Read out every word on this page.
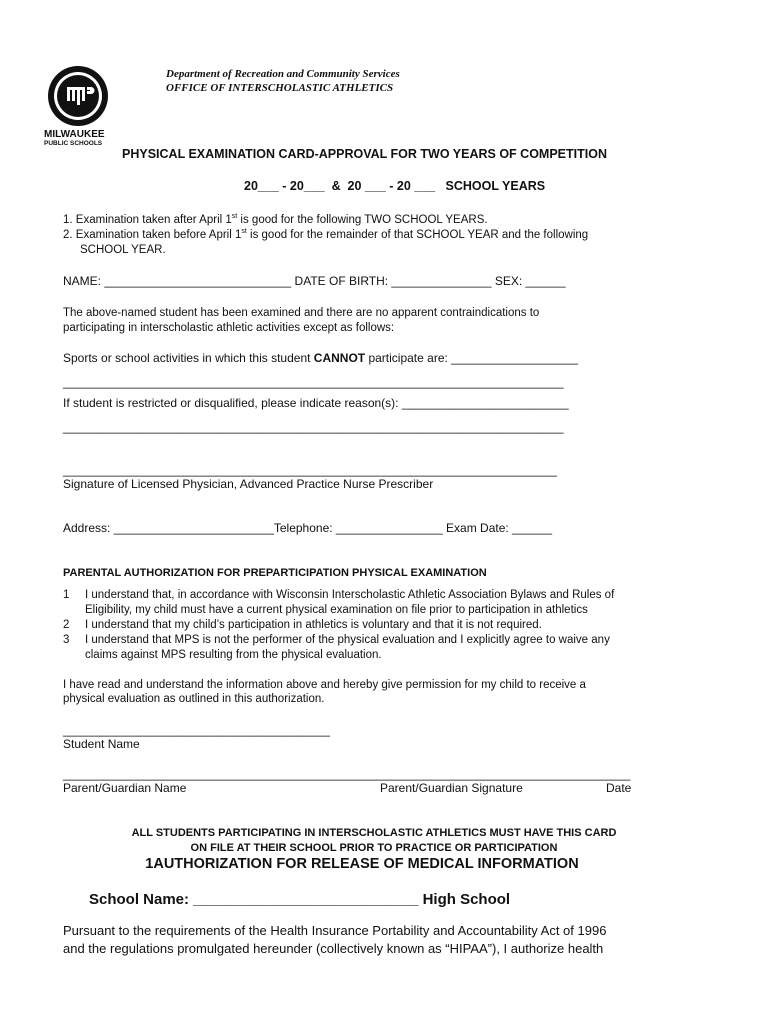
MILWAUKEE
PUBLIC SCHOOLS
Department of Recreation and Community Services
OFFICE OF INTERSCHOLASTIC ATHLETICS
PHYSICAL EXAMINATION CARD-APPROVAL FOR TWO YEARS OF COMPETITION
20___ - 20___  &  20 ___ - 20 ___   SCHOOL YEARS
1. Examination taken after April 1st is good for the following TWO SCHOOL YEARS.
2. Examination taken before April 1st is good for the remainder of that SCHOOL YEAR and the following
SCHOOL YEAR.
NAME: ____________________________ DATE OF BIRTH: _______________ SEX: ______
The above-named student has been examined and there are no apparent contraindications to
participating in interscholastic athletic activities except as follows:
Sports or school activities in which this student CANNOT participate are: ___________________
___________________________________________________________________________
If student is restricted or disqualified, please indicate reason(s): _________________________
___________________________________________________________________________
__________________________________________________________________________
Signature of Licensed Physician, Advanced Practice Nurse Prescriber
Address: ________________________Telephone: ________________ Exam Date: ______
PARENTAL AUTHORIZATION FOR PREPARTICIPATION PHYSICAL EXAMINATION
1 I understand that, in accordance with Wisconsin Interscholastic Athletic Association Bylaws and Rules of
Eligibility, my child must have a current physical examination on file prior to participation in athletics
2 I understand that my child’s participation in athletics is voluntary and that it is not required.
3 I understand that MPS is not the performer of the physical evaluation and I explicitly agree to waive any
claims against MPS resulting from the physical evaluation.
I have read and understand the information above and hereby give permission for my child to receive a
physical evaluation as outlined in this authorization.
________________________________________
Student Name
_____________________________________________________________________________________
Parent/Guardian Name	Parent/Guardian Signature	Date
ALL STUDENTS PARTICIPATING IN INTERSCHOLASTIC ATHLETICS MUST HAVE THIS CARD
ON FILE AT THEIR SCHOOL PRIOR TO PRACTICE OR PARTICIPATION
1AUTHORIZATION FOR RELEASE OF MEDICAL INFORMATION
School Name: ___________________________ High School
Pursuant to the requirements of the Health Insurance Portability and Accountability Act of 1996
and the regulations promulgated hereunder (collectively known as “HIPAA”), I authorize health
